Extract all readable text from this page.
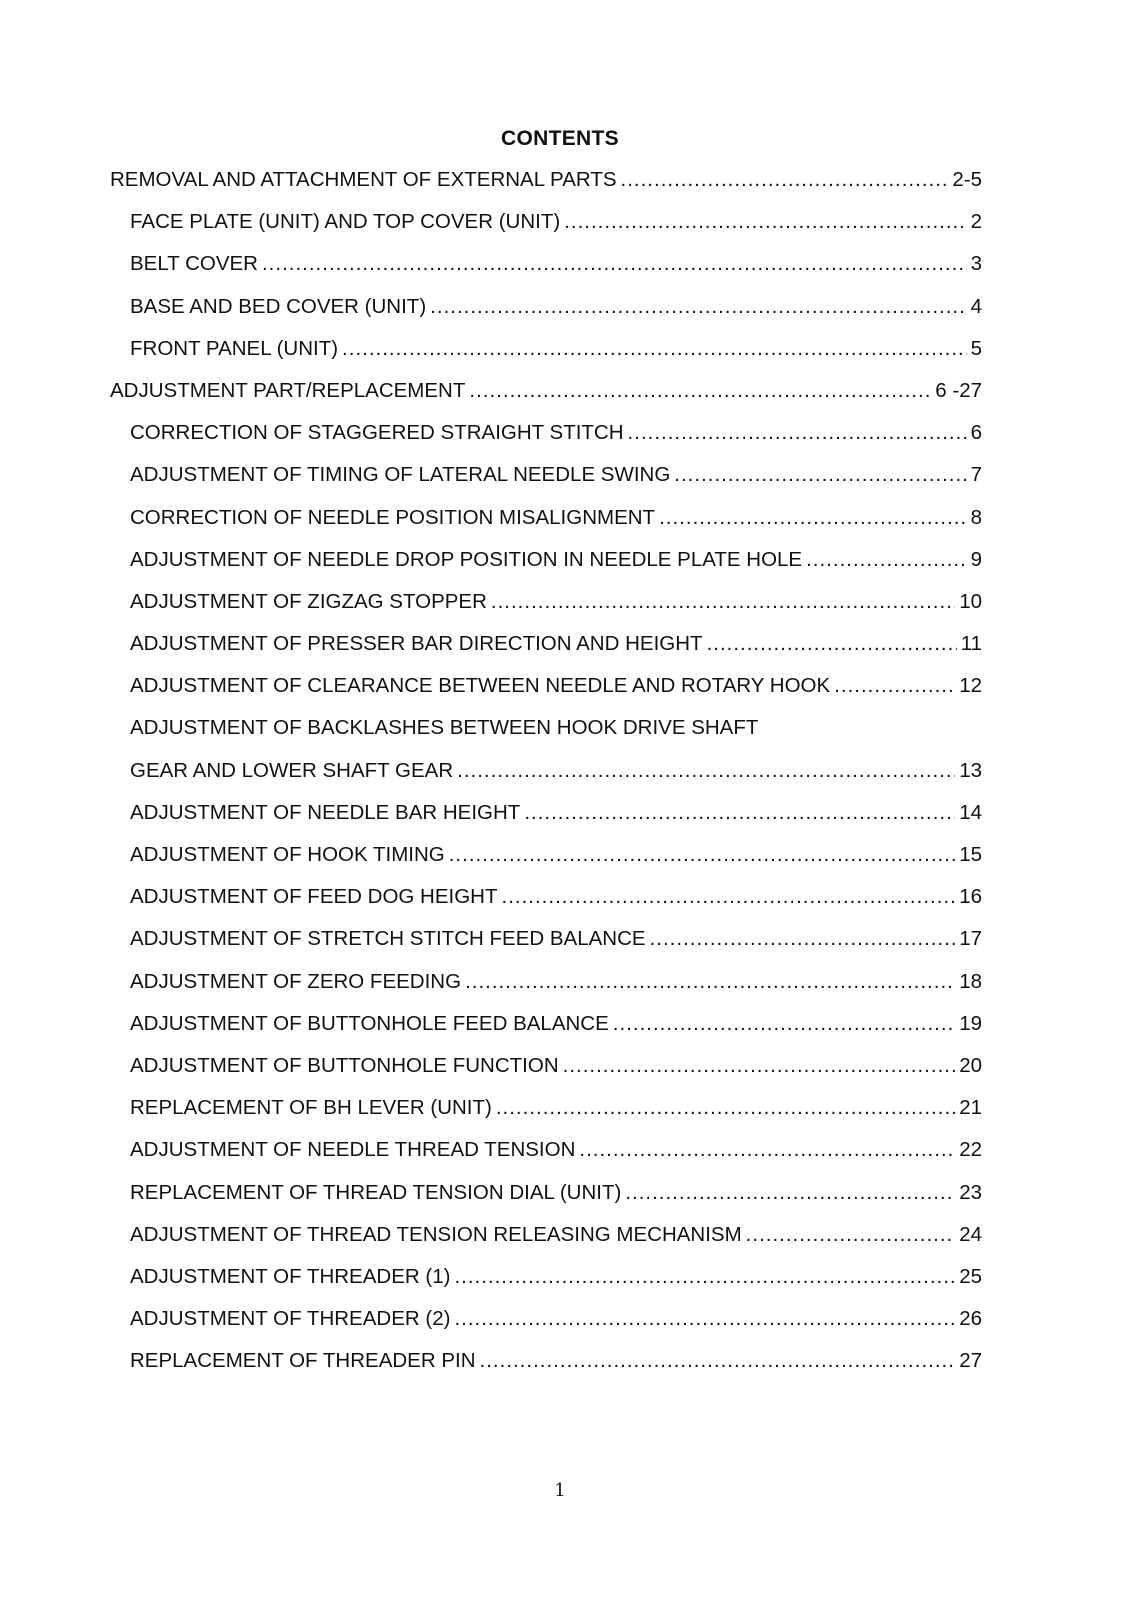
CONTENTS
REMOVAL AND ATTACHMENT OF EXTERNAL PARTS .....	2-5
FACE PLATE (UNIT) AND TOP COVER (UNIT) .....	2
BELT COVER .....	3
BASE AND BED COVER (UNIT) .....	4
FRONT PANEL (UNIT) .....	5
ADJUSTMENT PART/REPLACEMENT .....	6 -27
CORRECTION OF STAGGERED STRAIGHT STITCH .....	6
ADJUSTMENT OF TIMING OF LATERAL NEEDLE SWING .....	7
CORRECTION OF NEEDLE POSITION MISALIGNMENT .....	8
ADJUSTMENT OF NEEDLE DROP POSITION IN NEEDLE PLATE HOLE .....	9
ADJUSTMENT OF ZIGZAG STOPPER .....	10
ADJUSTMENT OF PRESSER BAR DIRECTION AND HEIGHT .....	11
ADJUSTMENT OF CLEARANCE BETWEEN NEEDLE AND ROTARY HOOK .....	12
ADJUSTMENT OF BACKLASHES BETWEEN HOOK DRIVE SHAFT
GEAR AND LOWER SHAFT GEAR .....	13
ADJUSTMENT OF NEEDLE BAR HEIGHT .....	14
ADJUSTMENT OF HOOK TIMING .....	15
ADJUSTMENT OF FEED DOG HEIGHT .....	16
ADJUSTMENT OF STRETCH STITCH FEED BALANCE .....	17
ADJUSTMENT OF ZERO FEEDING .....	18
ADJUSTMENT OF BUTTONHOLE FEED BALANCE .....	19
ADJUSTMENT OF BUTTONHOLE FUNCTION .....	20
REPLACEMENT OF BH LEVER (UNIT) .....	21
ADJUSTMENT OF NEEDLE THREAD TENSION .....	22
REPLACEMENT OF THREAD TENSION DIAL (UNIT) .....	23
ADJUSTMENT OF THREAD TENSION RELEASING MECHANISM .....	24
ADJUSTMENT OF THREADER (1) .....	25
ADJUSTMENT OF THREADER (2) .....	26
REPLACEMENT OF THREADER PIN .....	27
1
